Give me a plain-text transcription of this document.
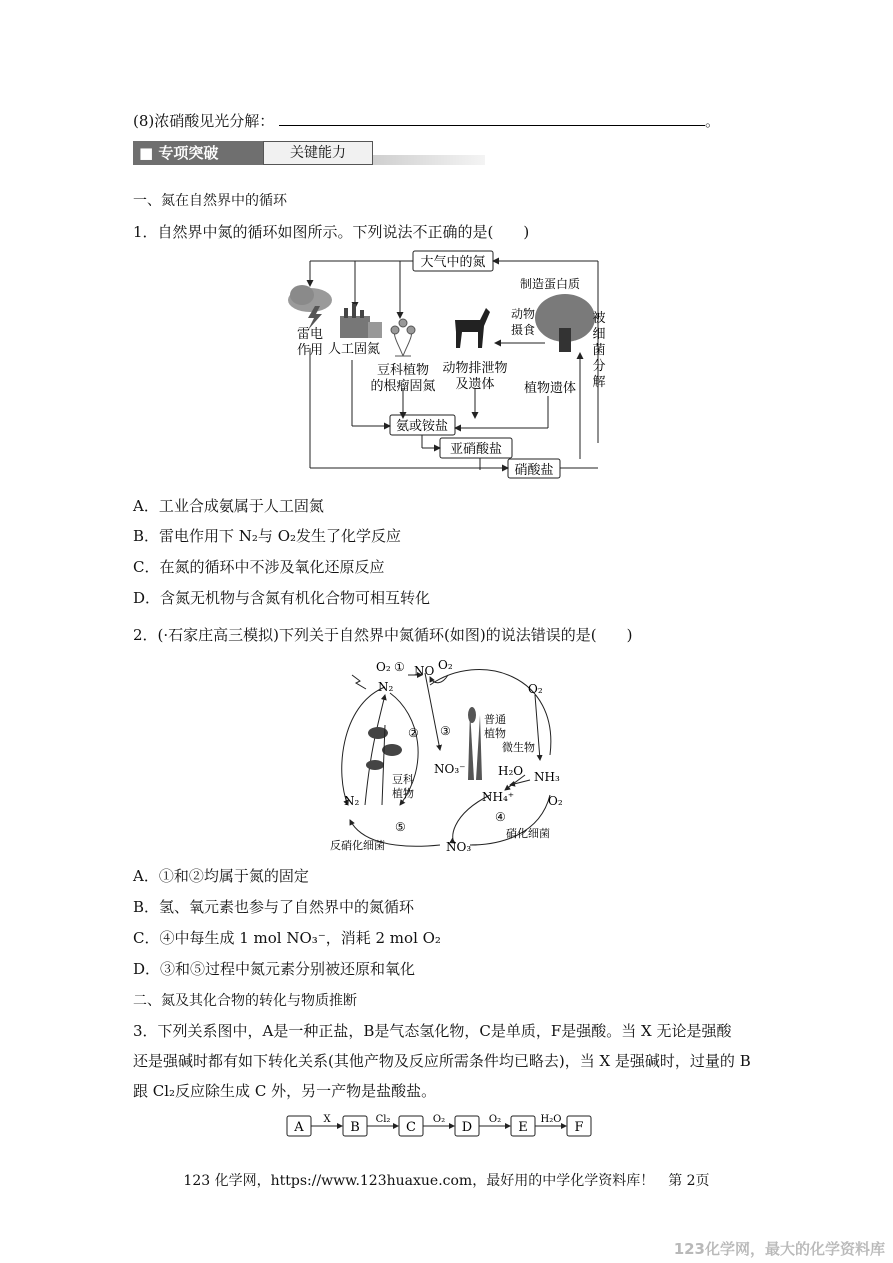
(8)浓硝酸见光分解：	。
■ 专项突破	关键能力
一、氮在自然界中的循环
1．自然界中氮的循环如图所示。下列说法不正确的是(　　)
大气中的氮
制造蛋白质
雷电
作用 人工固氮
豆科植物
的根瘤固氮
动物
摄食
动物排泄物
及遗体 植物遗体
被
细
菌
分
解
氨或铵盐
亚硝酸盐
硝酸盐
A．工业合成氨属于人工固氮
B．雷电作用下 N₂与 O₂发生了化学反应
C．在氮的循环中不涉及氧化还原反应
D．含氮无机物与含氮有机化合物可相互转化
2．(·石家庄高三模拟)下列关于自然界中氮循环(如图)的说法错误的是(　　)
O₂ ① NO O₂
N₂
② ③
NO₃⁻
豆科
植物
N₂
普通
植物
微生物
O₂
H₂O NH₃
NH₄⁺	O₂
④
⑤	硝化细菌
反硝化细菌	NO₃⁻
A．①和②均属于氮的固定
B．氢、氧元素也参与了自然界中的氮循环
C．④中每生成 1 mol NO₃⁻，消耗 2 mol O₂
D．③和⑤过程中氮元素分别被还原和氧化
二、氮及其化合物的转化与物质推断
3．下列关系图中，A是一种正盐，B是气态氢化物，C是单质，F是强酸。当 X 无论是强酸
还是强碱时都有如下转化关系(其他产物及反应所需条件均已略去)，当 X 是强碱时，过量的 B
跟 Cl₂反应除生成 C 外，另一产物是盐酸盐。
A
X
B
Cl₂
C
O₂
D
O₂
E
H₂O
F
123 化学网，https://www.123huaxue.com，最好用的中学化学资料库！　第 2页
123化学网，最大的化学资料库
